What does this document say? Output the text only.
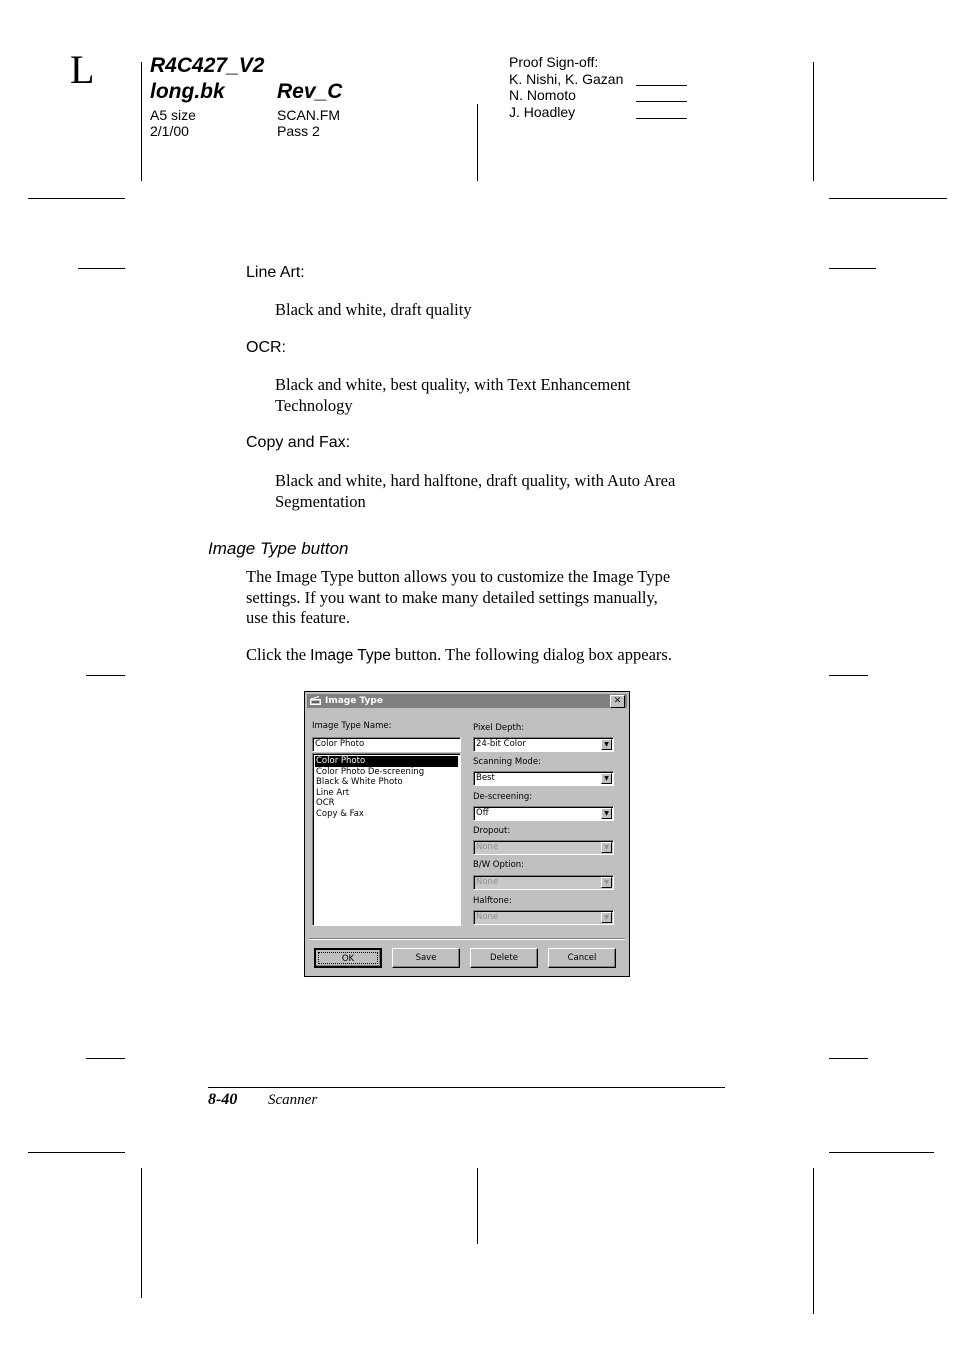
L	R4C427_V2
long.bk Rev_C
A5 size
2/1/00
SCAN.FM
Pass 2
Proof Sign-off:
K. Nishi, K. Gazan
N. Nomoto
J. Hoadley
Line Art:
Black and white, draft quality
OCR:
Black and white, best quality, with Text Enhancement
Technology
Copy and Fax:
Black and white, hard halftone, draft quality, with Auto Area
Segmentation
Image Type button
The Image Type button allows you to customize the Image Type
settings. If you want to make many detailed settings manually,
use this feature.
Click the Image Type button. The following dialog box appears.
Image Type	✕
Image Type Name:
Color Photo
Color Photo
Color Photo De-screening
Black & White Photo
Line Art
OCR
Copy & Fax
Pixel Depth:
24-bit Color	▼
Scanning Mode:
Best	▼
De-screening:
Off	▼
Dropout:
None	▼
B/W Option:
None	▼
Halftone:
None	▼
OK	Save	Delete	Cancel
8-40 Scanner
